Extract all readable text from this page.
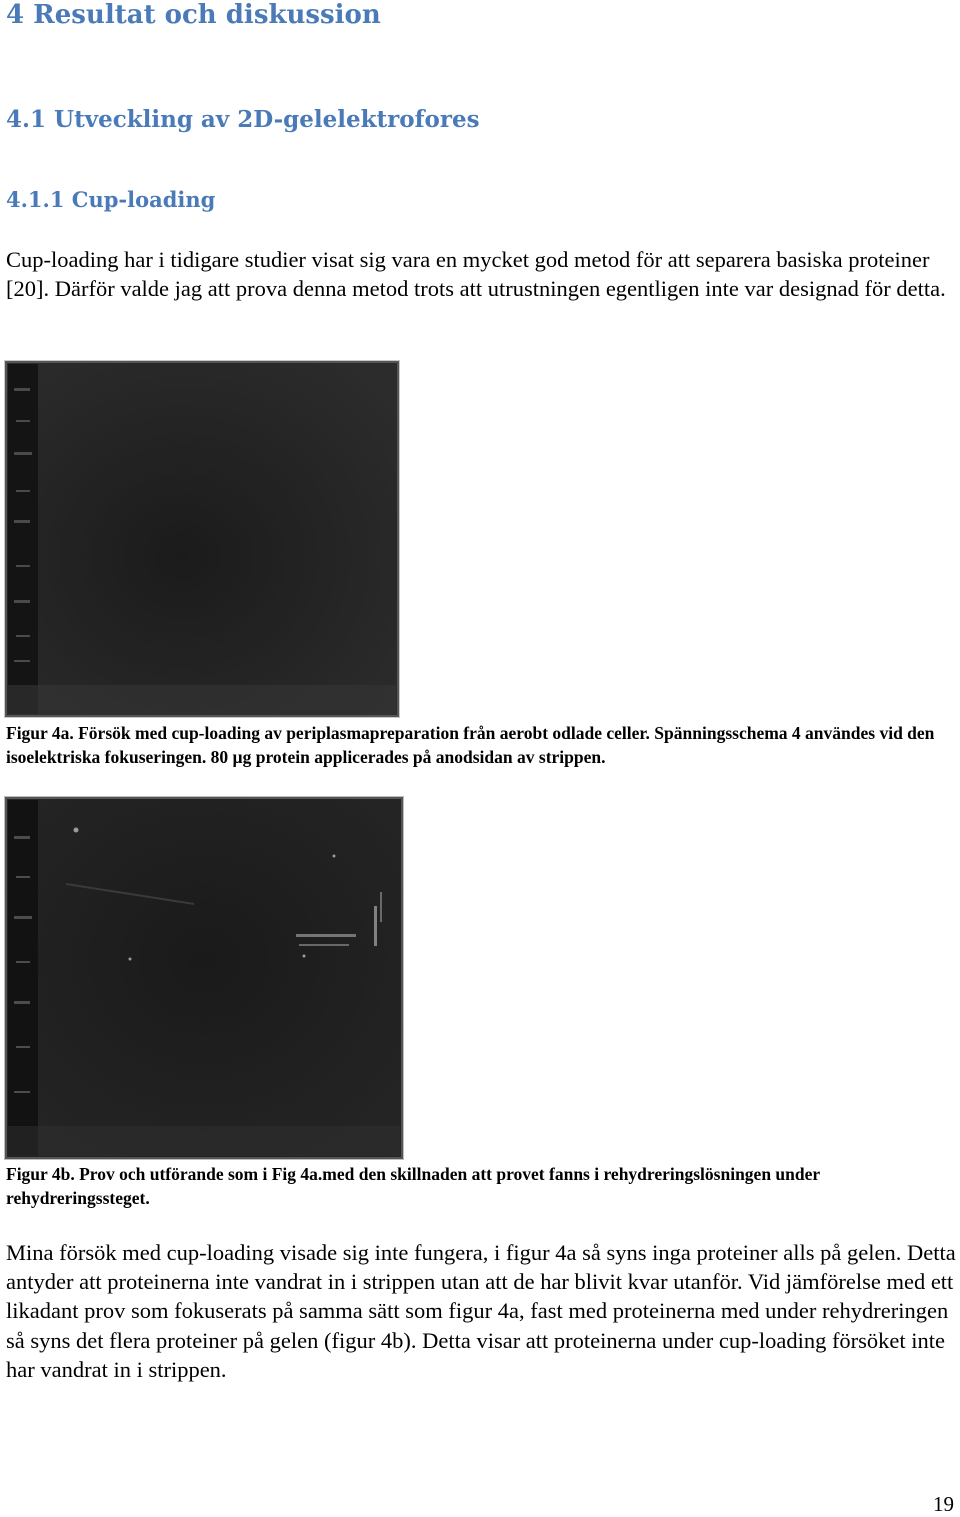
4 Resultat och diskussion
4.1 Utveckling av 2D-gelelektrofores
4.1.1 Cup-loading

Cup-loading har i tidigare studier visat sig vara en mycket god metod för att separera basiska proteiner [20]. Därför valde jag att prova denna metod trots att utrustningen egentligen inte var designad för detta.

Figur 4a. Försök med cup-loading av periplasmapreparation från aerobt odlade celler. Spänningsschema 4 användes vid den isoelektriska fokuseringen. 80 µg protein applicerades på anodsidan av strippen.

Figur 4b. Prov och utförande som i Fig 4a.med den skillnaden att provet fanns i rehydreringslösningen under rehydreringssteget.

Mina försök med cup-loading visade sig inte fungera, i figur 4a så syns inga proteiner alls på gelen. Detta antyder att proteinerna inte vandrat in i strippen utan att de har blivit kvar utanför. Vid jämförelse med ett likadant prov som fokuserats på samma sätt som figur 4a, fast med proteinerna med under rehydreringen så syns det flera proteiner på gelen (figur 4b). Detta visar att proteinerna under cup-loading försöket inte har vandrat in i strippen.

19
